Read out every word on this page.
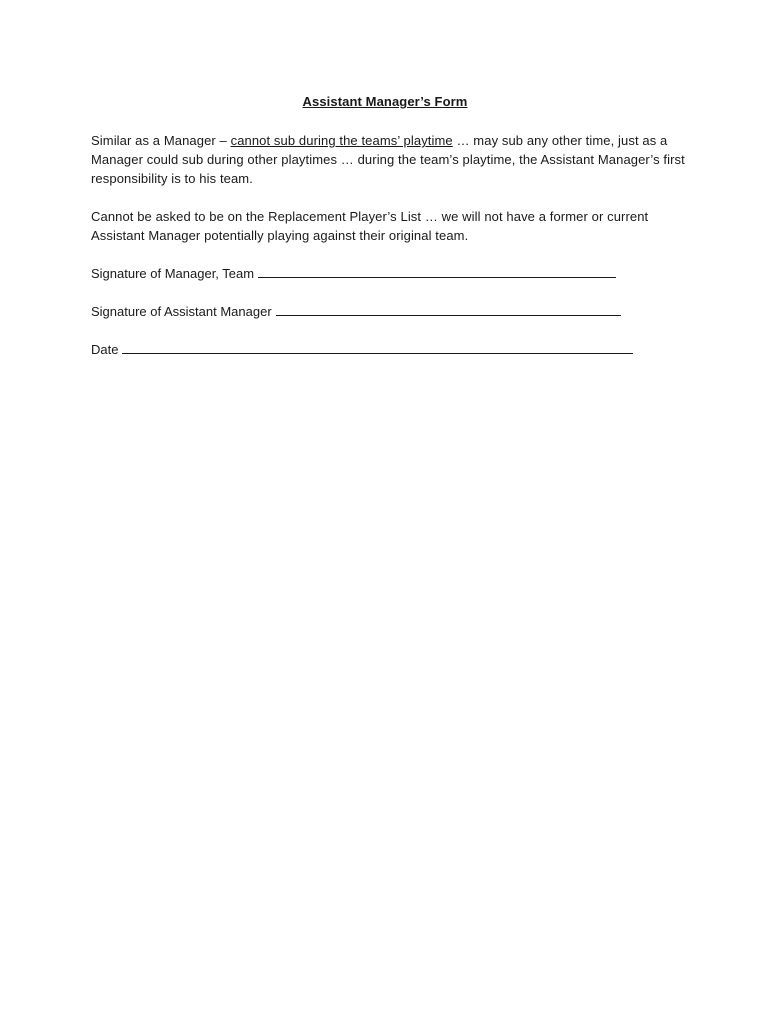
Assistant Manager’s Form
Similar as a Manager – cannot sub during the teams’ playtime … may sub any other time, just as a Manager could sub during other playtimes … during the team’s playtime, the Assistant Manager’s first responsibility is to his team.
Cannot be asked to be on the Replacement Player’s List … we will not have a former or current Assistant Manager potentially playing against their original team.
Signature of Manager, Team
Signature of Assistant Manager
Date
